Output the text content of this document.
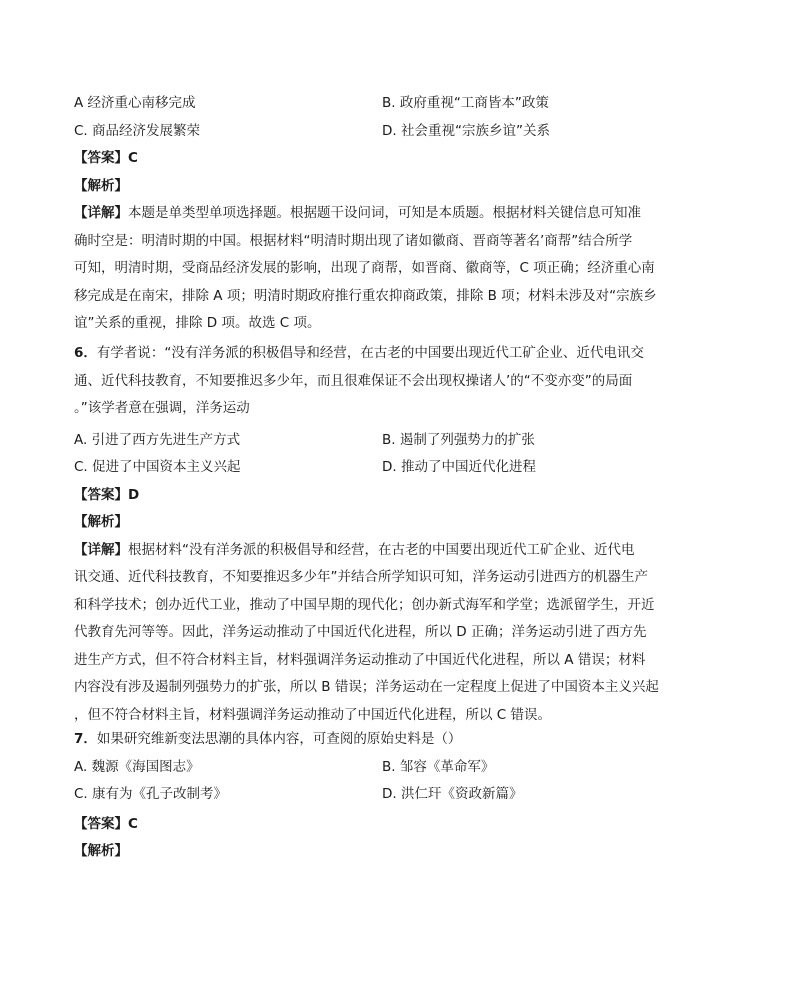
A 经济重心南移完成	B. 政府重视“工商皆本”政策
C. 商品经济发展繁荣	D. 社会重视“宗族乡谊”关系
【答案】C
【解析】
【详解】本题是单类型单项选择题。根据题干设问词，可知是本质题。根据材料关键信息可知准
确时空是：明清时期的中国。根据材料“明清时期出现了诸如徽商、晋商等著名’商帮”结合所学
可知，明清时期，受商品经济发展的影响，出现了商帮，如晋商、徽商等，C 项正确；经济重心南
移完成是在南宋，排除 A 项；明清时期政府推行重农抑商政策，排除 B 项；材料未涉及对“宗族乡
谊”关系的重视，排除 D 项。故选 C 项。
6．有学者说：“没有洋务派的积极倡导和经营，在古老的中国要出现近代工矿企业、近代电讯交
通、近代科技教育，不知要推迟多少年，而且很难保证不会出现权操诸人’的“不变亦变”的局面
。”该学者意在强调，洋务运动
A. 引进了西方先进生产方式	B. 遏制了列强势力的扩张
C. 促进了中国资本主义兴起	D. 推动了中国近代化进程
【答案】D
【解析】
【详解】根据材料“没有洋务派的积极倡导和经营，在古老的中国要出现近代工矿企业、近代电
讯交通、近代科技教育，不知要推迟多少年”并结合所学知识可知，洋务运动引进西方的机器生产
和科学技术；创办近代工业，推动了中国早期的现代化；创办新式海军和学堂；选派留学生，开近
代教育先河等等。因此，洋务运动推动了中国近代化进程，所以 D 正确；洋务运动引进了西方先
进生产方式，但不符合材料主旨，材料强调洋务运动推动了中国近代化进程，所以 A 错误；材料
内容没有涉及遏制列强势力的扩张，所以 B 错误；洋务运动在一定程度上促进了中国资本主义兴起
，但不符合材料主旨，材料强调洋务运动推动了中国近代化进程，所以 C 错误。
7．如果研究维新变法思潮的具体内容，可查阅的原始史料是（）
A. 魏源《海国图志》	B. 邹容《革命军》
C. 康有为《孔子改制考》	D. 洪仁玕《资政新篇》
【答案】C
【解析】
